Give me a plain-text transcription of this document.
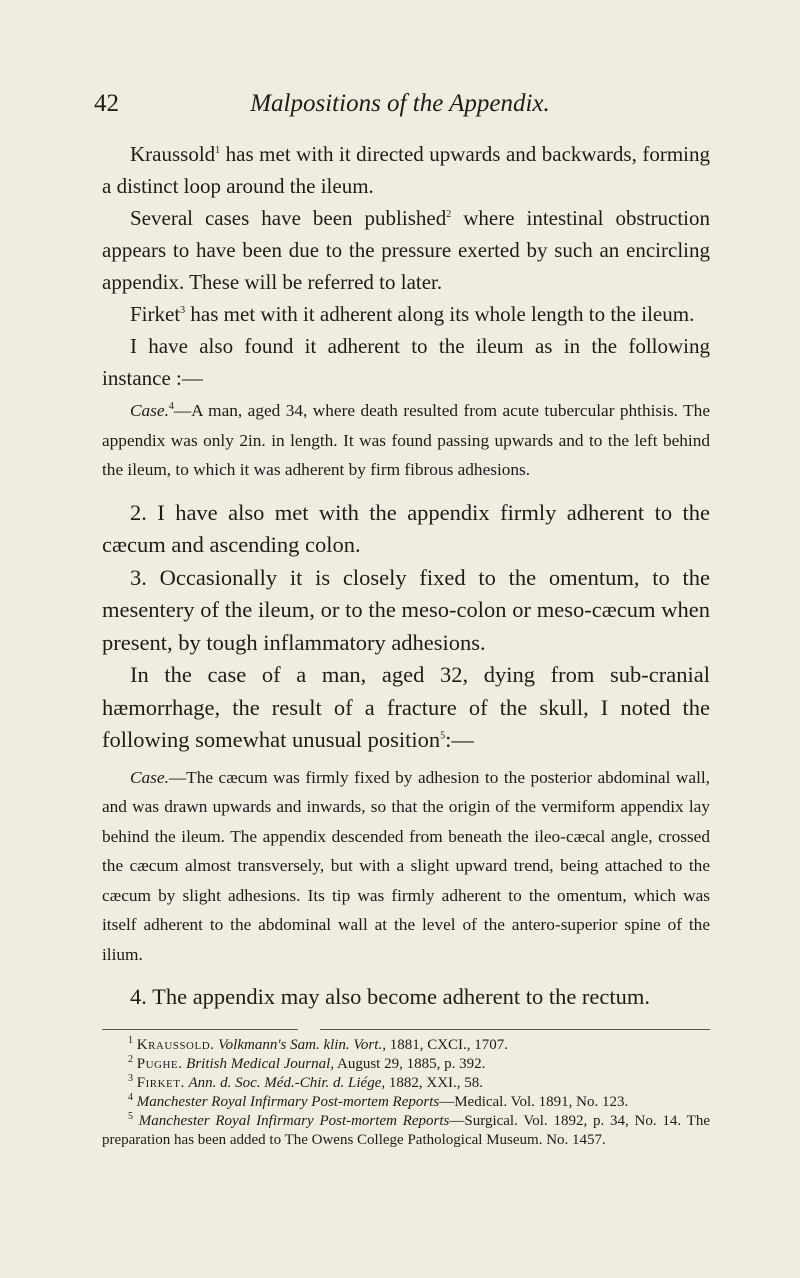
42	Malpositions of the Appendix.

Kraussold$^1$ has met with it directed upwards and backwards, forming a distinct loop around the ileum.

Several cases have been published$^2$ where intestinal obstruction appears to have been due to the pressure exerted by such an encircling appendix. These will be referred to later.

Firket$^3$ has met with it adherent along its whole length to the ileum.

I have also found it adherent to the ileum as in the following instance :—

Case.$^4$—A man, aged 34, where death resulted from acute tubercular phthisis. The appendix was only 2in. in length. It was found passing upwards and to the left behind the ileum, to which it was adherent by firm fibrous adhesions.

2. I have also met with the appendix firmly adherent to the cæcum and ascending colon.

3. Occasionally it is closely fixed to the omentum, to the mesentery of the ileum, or to the meso-colon or meso-cæcum when present, by tough inflammatory adhesions.

In the case of a man, aged 32, dying from sub-cranial hæmorrhage, the result of a fracture of the skull, I noted the following somewhat unusual position$^5$:—

Case.—The cæcum was firmly fixed by adhesion to the posterior abdominal wall, and was drawn upwards and inwards, so that the origin of the vermiform appendix lay behind the ileum. The appendix descended from beneath the ileo-cæcal angle, crossed the cæcum almost transversely, but with a slight upward trend, being attached to the cæcum by slight adhesions. Its tip was firmly adherent to the omentum, which was itself adherent to the abdominal wall at the level of the antero-superior spine of the ilium.

4. The appendix may also become adherent to the rectum.

$^1$ Kraussold. Volkmann's Sam. klin. Vort., 1881, CXCI., 1707.

$^2$ Pughe. British Medical Journal, August 29, 1885, p. 392.

$^3$ Firket. Ann. d. Soc. Méd.-Chir. d. Liége, 1882, XXI., 58.

$^4$ Manchester Royal Infirmary Post-mortem Reports—Medical. Vol. 1891, No. 123.

$^5$ Manchester Royal Infirmary Post-mortem Reports—Surgical. Vol. 1892, p. 34, No. 14. The preparation has been added to The Owens College Pathological Museum. No. 1457.
